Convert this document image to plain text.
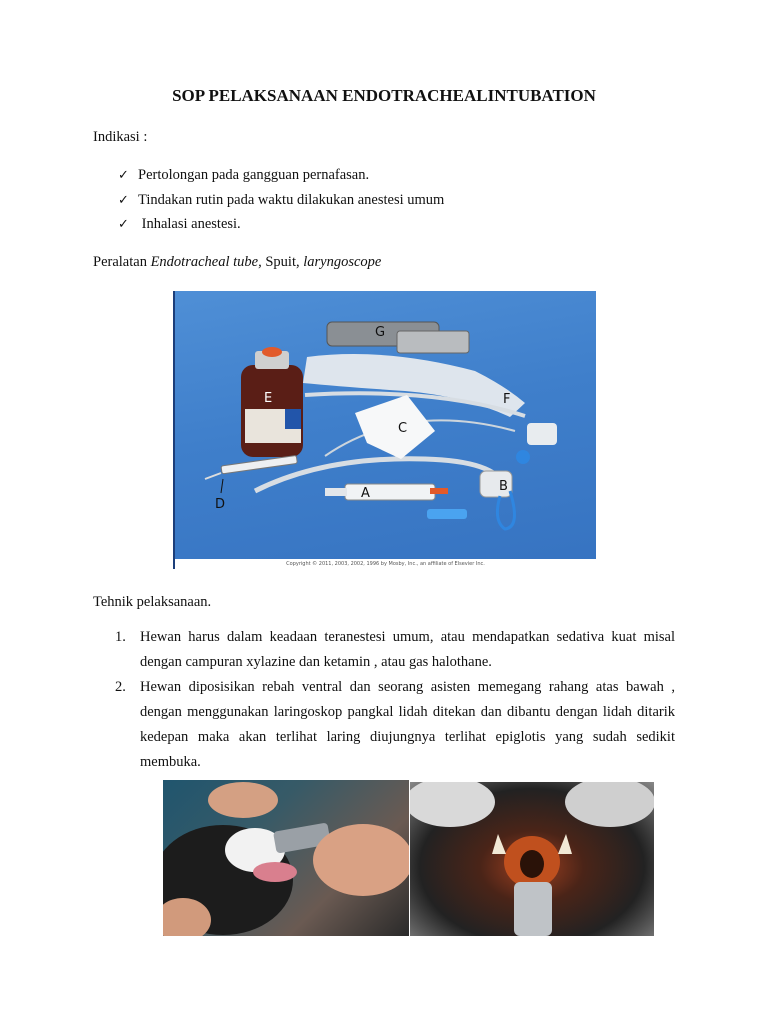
SOP PELAKSANAAN ENDOTRACHEALINTUBATION
Indikasi :
✓ Pertolongan pada gangguan pernafasan.
✓ Tindakan rutin pada waktu dilakukan anestesi umum
✓ Inhalasi anestesi.
Peralatan Endotracheal tube, Spuit, laryngoscope
G
E	F
C
D
A	B
Copyright © 2011, 2003, 2002, 1996 by Mosby, Inc., an affiliate of Elsevier Inc.
Tehnik pelaksanaan.
1. Hewan harus dalam keadaan teranestesi umum, atau mendapatkan sedativa kuat misal dengan campuran xylazine dan ketamin , atau gas halothane.
2. Hewan diposisikan rebah ventral dan seorang asisten memegang rahang atas bawah , dengan menggunakan laringoskop pangkal lidah ditekan dan dibantu dengan lidah ditarik kedepan maka akan terlihat laring diujungnya terlihat epiglotis yang sudah sedikit membuka.
